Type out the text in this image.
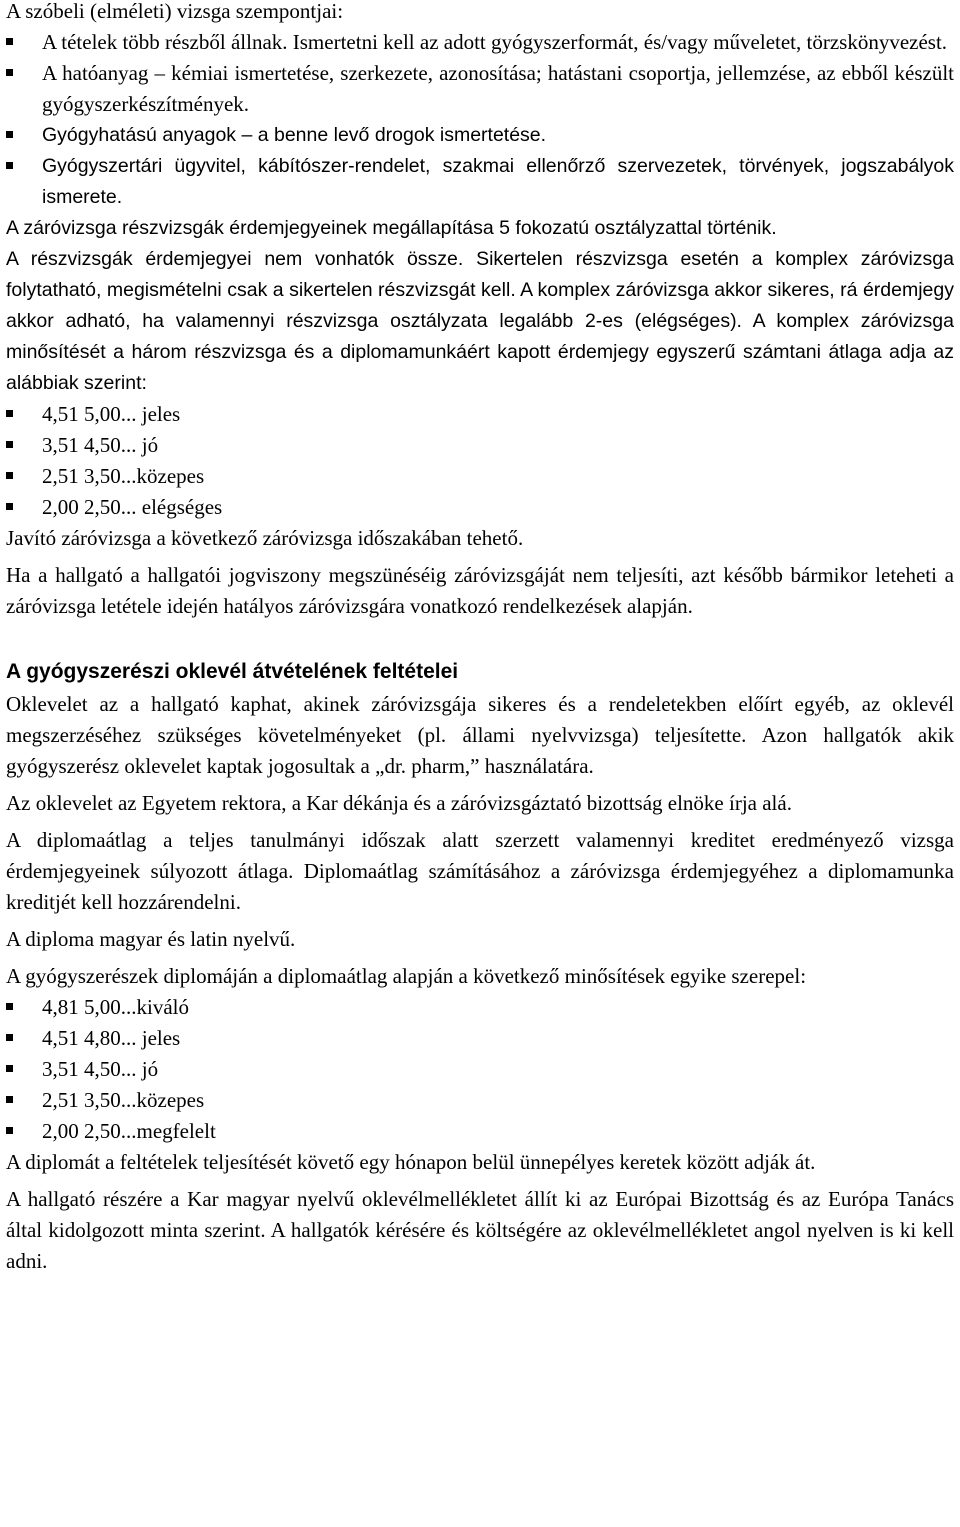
A szóbeli (elméleti) vizsga szempontjai:

A tételek több részből állnak. Ismertetni kell az adott gyógyszerformát, és/vagy műveletet, törzskönyvezést.
A hatóanyag – kémiai ismertetése, szerkezete, azonosítása; hatástani csoportja, jellemzése, az ebből készült gyógyszerkészítmények.
Gyógyhatású anyagok – a benne levő drogok ismertetése.
Gyógyszertári ügyvitel, kábítószer-rendelet, szakmai ellenőrző szervezetek, törvények, jogszabályok ismerete.

A záróvizsga részvizsgák érdemjegyeinek megállapítása 5 fokozatú osztályzattal történik.

A részvizsgák érdemjegyei nem vonhatók össze. Sikertelen részvizsga esetén a komplex záróvizsga folytatható, megismételni csak a sikertelen részvizsgát kell. A komplex záróvizsga akkor sikeres, rá érdemjegy akkor adható, ha valamennyi részvizsga osztályzata legalább 2-es (elégséges). A komplex záróvizsga minősítését a három részvizsga és a diplomamunkáért kapott érdemjegy egyszerű számtani átlaga adja az alábbiak szerint:

4,51 5,00... jeles
3,51 4,50... jó
2,51 3,50...közepes
2,00 2,50... elégséges

Javító záróvizsga a következő záróvizsga időszakában tehető.

Ha a hallgató a hallgatói jogviszony megszünéséig záróvizsgáját nem teljesíti, azt később bármikor leteheti a záróvizsga letétele idején hatályos záróvizsgára vonatkozó rendelkezések alapján.

A gyógyszerészi oklevél átvételének feltételei

Oklevelet az a hallgató kaphat, akinek záróvizsgája sikeres és a rendeletekben előírt egyéb, az oklevél megszerzéséhez szükséges követelményeket (pl. állami nyelvvizsga) teljesítette. Azon hallgatók akik gyógyszerész oklevelet kaptak jogosultak a „dr. pharm,” használatára.

Az oklevelet az Egyetem rektora, a Kar dékánja és a záróvizsgáztató bizottság elnöke írja alá.

A diplomaátlag a teljes tanulmányi időszak alatt szerzett valamennyi kreditet eredményező vizsga érdemjegyeinek súlyozott átlaga. Diplomaátlag számításához a záróvizsga érdemjegyéhez a diplomamunka kreditjét kell hozzárendelni.

A diploma magyar és latin nyelvű.

A gyógyszerészek diplomáján a diplomaátlag alapján a következő minősítések egyike szerepel:

4,81 5,00...kiváló
4,51 4,80... jeles
3,51 4,50... jó
2,51 3,50...közepes
2,00 2,50...megfelelt

A diplomát a feltételek teljesítését követő egy hónapon belül ünnepélyes keretek között adják át.

A hallgató részére a Kar magyar nyelvű oklevélmellékletet állít ki az Európai Bizottság és az Európa Tanács által kidolgozott minta szerint. A hallgatók kérésére és költségére az oklevélmellékletet angol nyelven is ki kell adni.
